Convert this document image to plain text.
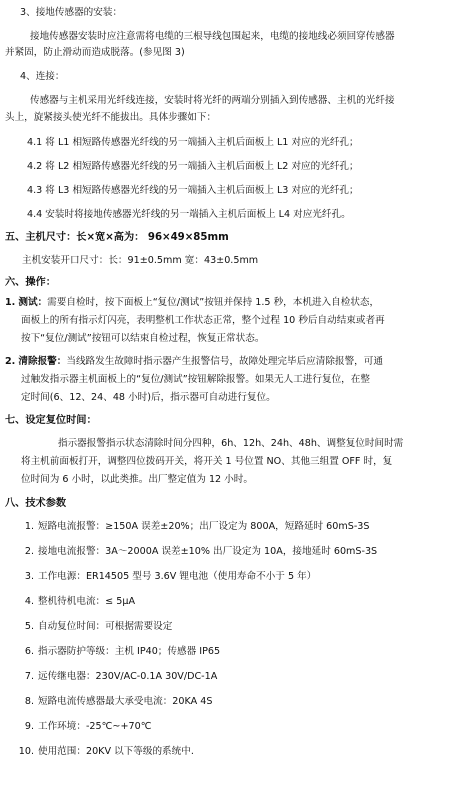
3、接地传感器的安装：
接地传感器安装时应注意需将电缆的三根导线包围起来，电缆的接地线必须回穿传感器
并紧固，防止滑动而造成脱落。(参见图 3)
4、连接：
传感器与主机采用光纤线连接，安装时将光纤的两端分别插入到传感器、主机的光纤接
头上，旋紧接头使光纤不能拔出。具体步骤如下：
4.1 将 L1 相短路传感器光纤线的另一端插入主机后面板上 L1 对应的光纤孔；
4.2 将 L2 相短路传感器光纤线的另一端插入主机后面板上 L2 对应的光纤孔；
4.3 将 L3 相短路传感器光纤线的另一端插入主机后面板上 L3 对应的光纤孔；
4.4 安装时将接地传感器光纤线的另一端插入主机后面板上 L4 对应光纤孔。
五、主机尺寸：长×宽×高为： 96×49×85mm
主机安装开口尺寸：长：91±0.5mm 宽：43±0.5mm
六、操作：
1. 测试：需要自检时，按下面板上“复位/测试”按钮并保持 1.5 秒，本机进入自检状态，
面板上的所有指示灯闪亮，表明整机工作状态正常，整个过程 10 秒后自动结束或者再
按下“复位/测试”按钮可以结束自检过程，恢复正常状态。
2. 清除报警：当线路发生故障时指示器产生报警信号，故障处理完毕后应清除报警，可通
过触发指示器主机面板上的“复位/测试”按钮解除报警。如果无人工进行复位，在整
定时间(6、12、24、48 小时)后，指示器可自动进行复位。
七、设定复位时间：
指示器报警指示状态清除时间分四种，6h、12h、24h、48h、调整复位时间时需
将主机前面板打开，调整四位拨码开关，将开关 1 号位置 NO、其他三组置 OFF 时，复
位时间为 6 小时，以此类推。出厂整定值为 12 小时。
八、技术参数
1. 短路电流报警：≥150A 误差±20%；出厂设定为 800A，短路延时 60mS-3S
2. 接地电流报警：3A～2000A 误差±10% 出厂设定为 10A，接地延时 60mS-3S
3. 工作电源：ER14505 型号 3.6V 锂电池（使用寿命不小于 5 年）
4. 整机待机电流：≤ 5μA
5. 自动复位时间：可根据需要设定
6. 指示器防护等级：主机 IP40；传感器 IP65
7. 远传继电器：230V/AC-0.1A 30V/DC-1A
8. 短路电流传感器最大承受电流：20KA 4S
9. 工作环境：-25℃~+70℃
10. 使用范围：20KV 以下等级的系统中.
